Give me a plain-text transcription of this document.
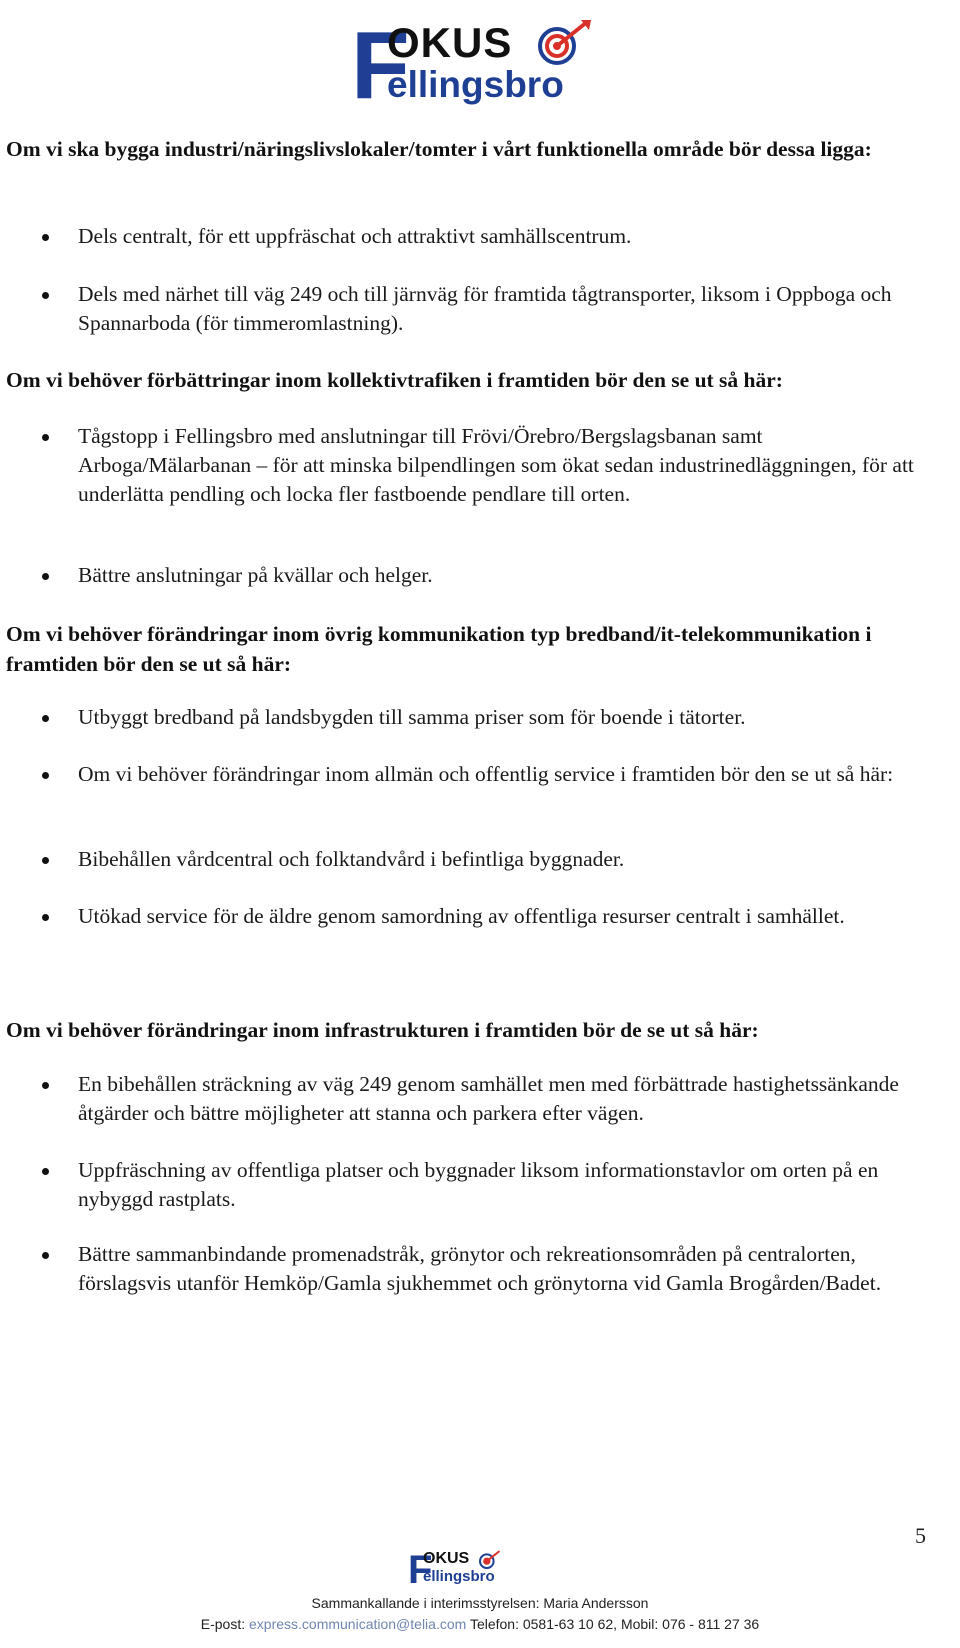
F
OKUS
ellingsbro
Om vi ska bygga industri/näringslivslokaler/tomter i vårt funktionella område bör dessa ligga:
Dels centralt, för ett uppfräschat och attraktivt samhällscentrum.
Dels med närhet till väg 249 och till järnväg för framtida tågtransporter, liksom i Oppboga och Spannarboda (för timmeromlastning).
Om vi behöver förbättringar inom kollektivtrafiken i framtiden bör den se ut så här:
Tågstopp i Fellingsbro med anslutningar till Frövi/Örebro/Bergslagsbanan samt Arboga/Mälarbanan – för att minska bilpendlingen som ökat sedan industrinedläggningen, för att underlätta pendling och locka fler fastboende pendlare till orten.
Bättre anslutningar på kvällar och helger.
Om vi behöver förändringar inom övrig kommunikation typ bredband/it-telekommunikation i framtiden bör den se ut så här:
Utbyggt bredband på landsbygden till samma priser som för boende i tätorter.
Om vi behöver förändringar inom allmän och offentlig service i framtiden bör den se ut så här:
Bibehållen vårdcentral och folktandvård i befintliga byggnader.
Utökad service för de äldre genom samordning av offentliga resurser centralt i samhället.
Om vi behöver förändringar inom infrastrukturen i framtiden bör de se ut så här:
En bibehållen sträckning av väg 249 genom samhället men med förbättrade hastighetssänkande åtgärder och bättre möjligheter att stanna och parkera efter vägen.
Uppfräschning av offentliga platser och byggnader liksom informationstavlor om orten på en nybyggd rastplats.
Bättre sammanbindande promenadstråk, grönytor och rekreationsområden på centralorten, förslagsvis utanför Hemköp/Gamla sjukhemmet och grönytorna vid Gamla Brogården/Badet.
5
F
OKUS
ellingsbro
Sammankallande i interimsstyrelsen: Maria Andersson
E-post: express.communication@telia.com Telefon: 0581-63 10 62, Mobil: 076 - 811 27 36
